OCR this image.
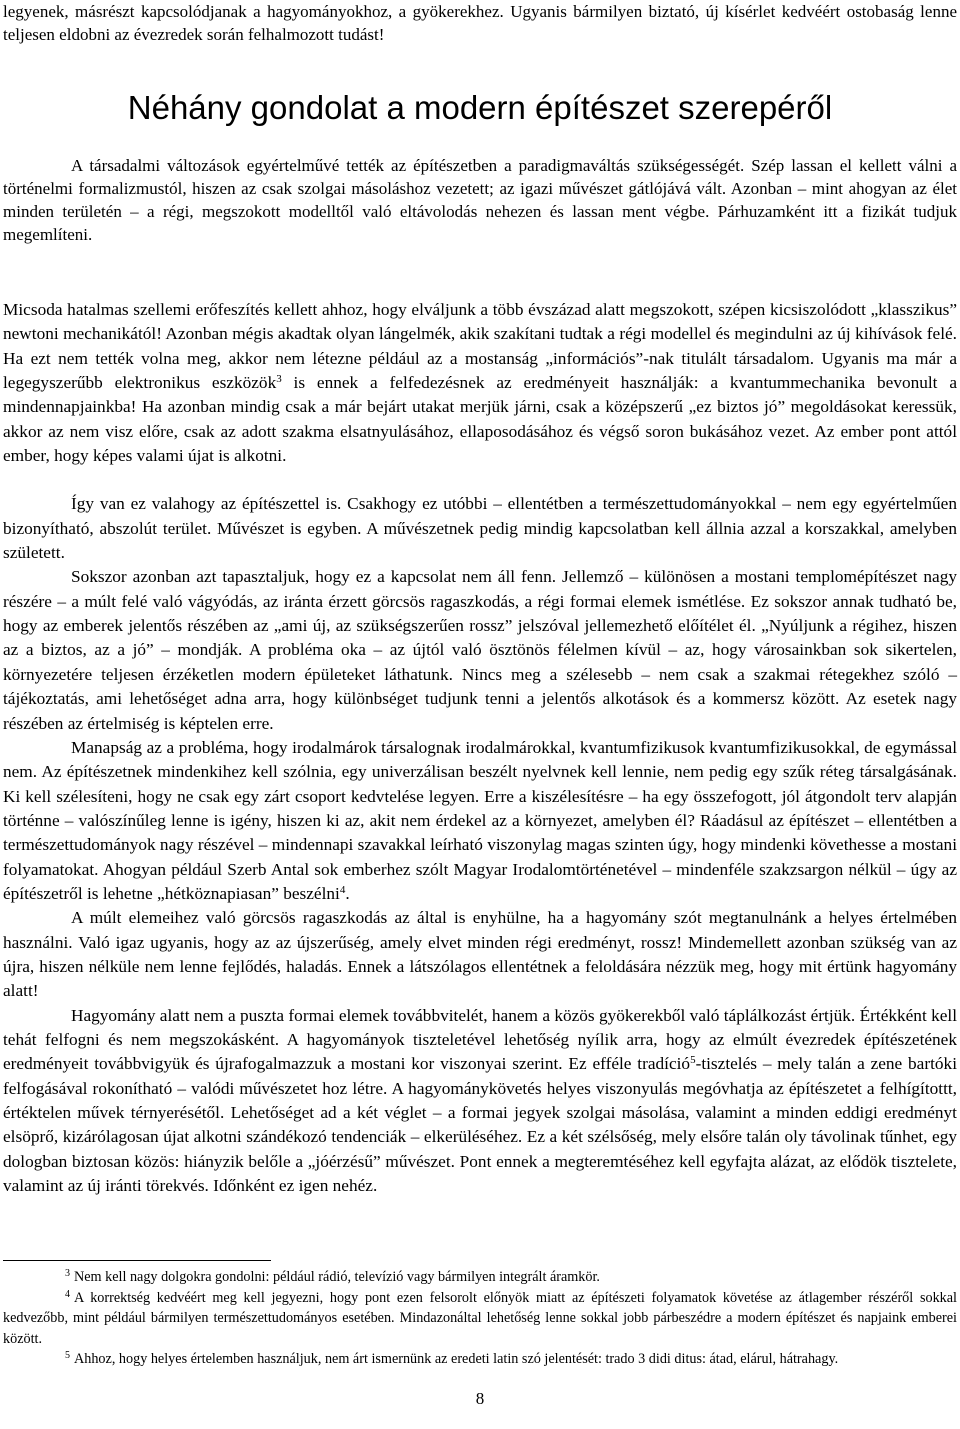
legyenek, másrészt kapcsolódjanak a hagyományokhoz, a gyökerekhez. Ugyanis bármilyen biztató, új kísérlet kedvéért ostobaság lenne teljesen eldobni az évezredek során felhalmozott tudást!
Néhány gondolat a modern építészet szerepéről

A társadalmi változások egyértelművé tették az építészetben a paradigmaváltás szükségességét. Szép lassan el kellett válni a történelmi formalizmustól, hiszen az csak szolgai másoláshoz vezetett; az igazi művészet gátlójává vált. Azonban – mint ahogyan az élet minden területén – a régi, megszokott modelltől való eltávolodás nehezen és lassan ment végbe. Párhuzamként itt a fizikát tudjuk megemlíteni.

Micsoda hatalmas szellemi erőfeszítés kellett ahhoz, hogy elváljunk a több évszázad alatt megszokott, szépen kicsiszolódott „klasszikus” newtoni mechanikától! Azonban mégis akadtak olyan lángelmék, akik szakítani tudtak a régi modellel és megindulni az új kihívások felé. Ha ezt nem tették volna meg, akkor nem létezne például az a mostanság „információs”-nak titulált társadalom. Ugyanis ma már a legegyszerűbb elektronikus eszközök$^3$ is ennek a felfedezésnek az eredményeit használják: a kvantummechanika bevonult a mindennapjainkba! Ha azonban mindig csak a már bejárt utakat merjük járni, csak a középszerű „ez biztos jó” megoldásokat keressük, akkor az nem visz előre, csak az adott szakma elsatnyulásához, ellaposodásához és végső soron bukásához vezet. Az ember pont attól ember, hogy képes valami újat is alkotni.

Így van ez valahogy az építészettel is. Csakhogy ez utóbbi – ellentétben a természettudományokkal – nem egy egyértelműen bizonyítható, abszolút terület. Művészet is egyben. A művészetnek pedig mindig kapcsolatban kell állnia azzal a korszakkal, amelyben született.

Sokszor azonban azt tapasztaljuk, hogy ez a kapcsolat nem áll fenn. Jellemző – különösen a mostani templomépítészet nagy részére – a múlt felé való vágyódás, az iránta érzett görcsös ragaszkodás, a régi formai elemek ismétlése. Ez sokszor annak tudható be, hogy az emberek jelentős részében az „ami új, az szükségszerűen rossz” jelszóval jellemezhető előítélet él. „Nyúljunk a régihez, hiszen az a biztos, az a jó” – mondják. A probléma oka – az újtól való ösztönös félelmen kívül – az, hogy városainkban sok sikertelen, környezetére teljesen érzéketlen modern épületeket láthatunk. Nincs meg a szélesebb – nem csak a szakmai rétegekhez szóló – tájékoztatás, ami lehetőséget adna arra, hogy különbséget tudjunk tenni a jelentős alkotások és a kommersz között. Az esetek nagy részében az értelmiség is képtelen erre.

Manapság az a probléma, hogy irodalmárok társalognak irodalmárokkal, kvantumfizikusok kvantumfizikusokkal, de egymással nem. Az építészetnek mindenkihez kell szólnia, egy univerzálisan beszélt nyelvnek kell lennie, nem pedig egy szűk réteg társalgásának. Ki kell szélesíteni, hogy ne csak egy zárt csoport kedvtelése legyen. Erre a kiszélesítésre – ha egy összefogott, jól átgondolt terv alapján történne – valószínűleg lenne is igény, hiszen ki az, akit nem érdekel az a környezet, amelyben él? Ráadásul az építészet – ellentétben a természettudományok nagy részével – mindennapi szavakkal leírható viszonylag magas szinten úgy, hogy mindenki követhesse a mostani folyamatokat. Ahogyan például Szerb Antal sok emberhez szólt Magyar Irodalomtörténetével – mindenféle szakzsargon nélkül – úgy az építészetről is lehetne „hétköznapiasan” beszélni$^4$.

A múlt elemeihez való görcsös ragaszkodás az által is enyhülne, ha a hagyomány szót megtanulnánk a helyes értelmében használni. Való igaz ugyanis, hogy az az újszerűség, amely elvet minden régi eredményt, rossz! Mindemellett azonban szükség van az újra, hiszen nélküle nem lenne fejlődés, haladás. Ennek a látszólagos ellentétnek a feloldására nézzük meg, hogy mit értünk hagyomány alatt!

Hagyomány alatt nem a puszta formai elemek továbbvitelét, hanem a közös gyökerekből való táplálkozást értjük. Értékként kell tehát felfogni és nem megszokásként. A hagyományok tiszteletével lehetőség nyílik arra, hogy az elmúlt évezredek építészetének eredményeit továbbvigyük és újrafogalmazzuk a mostani kor viszonyai szerint. Ez efféle tradíció$^5$-tisztelés – mely talán a zene bartóki felfogásával rokonítható – valódi művészetet hoz létre. A hagyománykövetés helyes viszonyulás megóvhatja az építészetet a felhígítottt, értéktelen művek térnyerésétől. Lehetőséget ad a két véglet – a formai jegyek szolgai másolása, valamint a minden eddigi eredményt elsöprő, kizárólagosan újat alkotni szándékozó tendenciák – elkerüléséhez. Ez a két szélsőség, mely elsőre talán oly távolinak tűnhet, egy dologban biztosan közös: hiányzik belőle a „jóérzésű” művészet. Pont ennek a megteremtéséhez kell egyfajta alázat, az elődök tisztelete, valamint az új iránti törekvés. Időnként ez igen nehéz.

$^3$ Nem kell nagy dolgokra gondolni: például rádió, televízió vagy bármilyen integrált áramkör.

$^4$ A korrektség kedvéért meg kell jegyezni, hogy pont ezen felsorolt előnyök miatt az építészeti folyamatok követése az átlagember részéről sokkal kedvezőbb, mint például bármilyen természettudományos esetében. Mindazonáltal lehetőség lenne sokkal jobb párbeszédre a modern építészet és napjaink emberei között.

$^5$ Ahhoz, hogy helyes értelemben használjuk, nem árt ismernünk az eredeti latin szó jelentését: trado 3 didi ditus: átad, elárul, hátrahagy.

8
